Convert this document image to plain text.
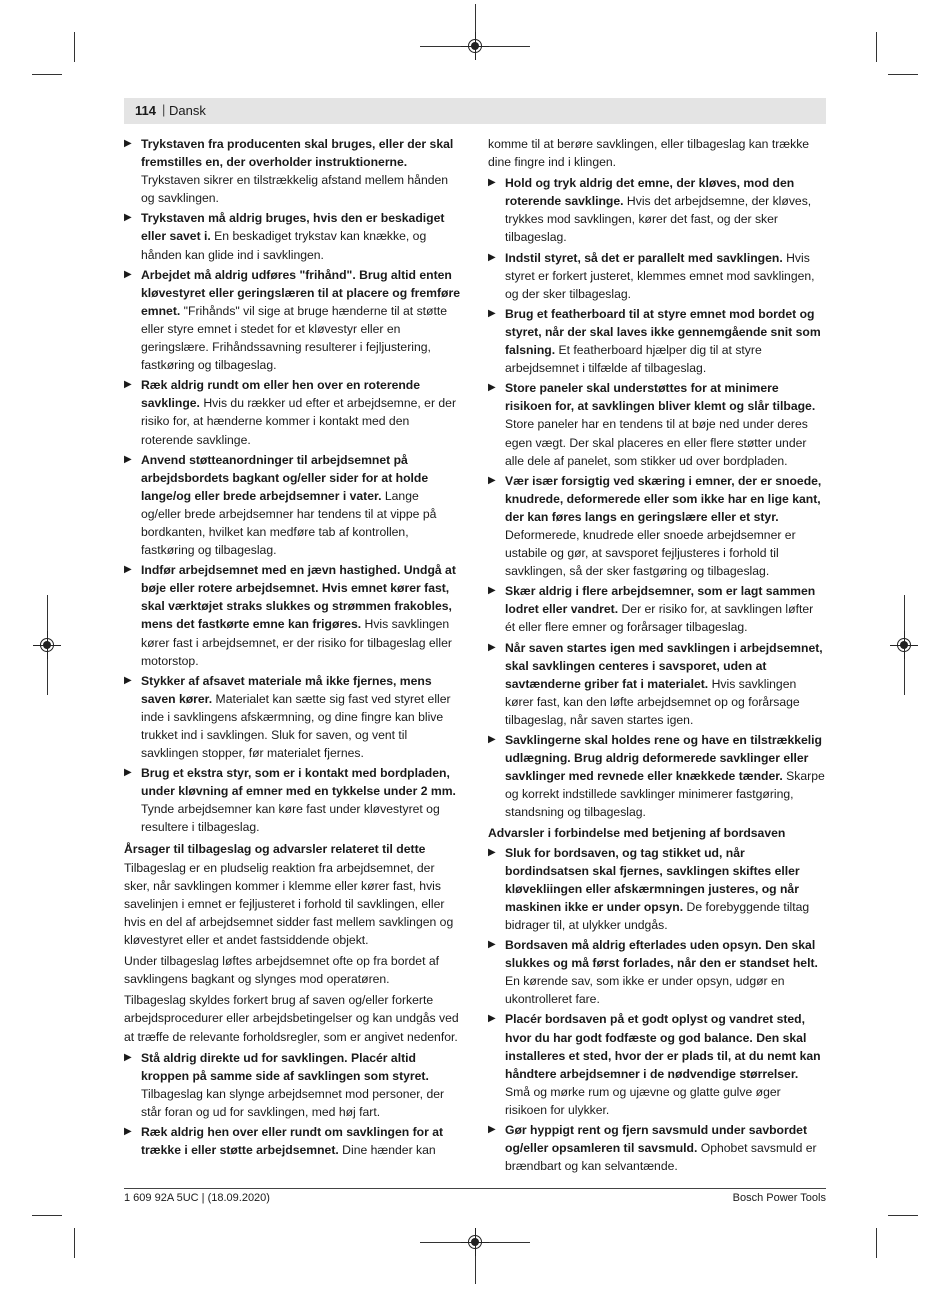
114 | Dansk
▶ Trykstaven fra producenten skal bruges, eller der skal fremstilles en, der overholder instruktionerne. Trykstaven sikrer en tilstrækkelig afstand mellem hånden og savklingen.
▶ Trykstaven må aldrig bruges, hvis den er beskadiget eller savet i. En beskadiget trykstav kan knække, og hånden kan glide ind i savklingen.
▶ Arbejdet må aldrig udføres "frihånd". Brug altid enten kløvestyret eller geringslæren til at placere og fremføre emnet. "Frihånds" vil sige at bruge hænderne til at støtte eller styre emnet i stedet for et kløvestyr eller en geringslære. Frihåndssavning resulterer i fejljustering, fastkøring og tilbageslag.
▶ Ræk aldrig rundt om eller hen over en roterende savklinge. Hvis du rækker ud efter et arbejdsemne, er der risiko for, at hænderne kommer i kontakt med den roterende savklinge.
▶ Anvend støtteanordninger til arbejdsemnet på arbejdsbordets bagkant og/eller sider for at holde lange/og eller brede arbejdsemner i vater. Lange og/eller brede arbejdsemner har tendens til at vippe på bordkanten, hvilket kan medføre tab af kontrollen, fastkøring og tilbageslag.
▶ Indfør arbejdsemnet med en jævn hastighed. Undgå at bøje eller rotere arbejdsemnet. Hvis emnet kører fast, skal værktøjet straks slukkes og strømmen frakobles, mens det fastkørte emne kan frigøres. Hvis savklingen kører fast i arbejdsemnet, er der risiko for tilbageslag eller motorstop.
▶ Stykker af afsavet materiale må ikke fjernes, mens saven kører. Materialet kan sætte sig fast ved styret eller inde i savklingens afskærmning, og dine fingre kan blive trukket ind i savklingen. Sluk for saven, og vent til savklingen stopper, før materialet fjernes.
▶ Brug et ekstra styr, som er i kontakt med bordpladen, under kløvning af emner med en tykkelse under 2 mm. Tynde arbejdsemner kan køre fast under kløvestyret og resultere i tilbageslag.
Årsager til tilbageslag og advarsler relateret til dette
Tilbageslag er en pludselig reaktion fra arbejdsemnet, der sker, når savklingen kommer i klemme eller kører fast, hvis savelinjen i emnet er fejljusteret i forhold til savklingen, eller hvis en del af arbejdsemnet sidder fast mellem savklingen og kløvestyret eller et andet fastsiddende objekt.
Under tilbageslag løftes arbejdsemnet ofte op fra bordet af savklingens bagkant og slynges mod operatøren.
Tilbageslag skyldes forkert brug af saven og/eller forkerte arbejdsprocedurer eller arbejdsbetingelser og kan undgås ved at træffe de relevante forholdsregler, som er angivet nedenfor.
▶ Stå aldrig direkte ud for savklingen. Placér altid kroppen på samme side af savklingen som styret. Tilbageslag kan slynge arbejdsemnet mod personer, der står foran og ud for savklingen, med høj fart.
▶ Ræk aldrig hen over eller rundt om savklingen for at trække i eller støtte arbejdsemnet. Dine hænder kan
komme til at berøre savklingen, eller tilbageslag kan trække dine fingre ind i klingen.
▶ Hold og tryk aldrig det emne, der kløves, mod den roterende savklinge. Hvis det arbejdsemne, der kløves, trykkes mod savklingen, kører det fast, og der sker tilbageslag.
▶ Indstil styret, så det er parallelt med savklingen. Hvis styret er forkert justeret, klemmes emnet mod savklingen, og der sker tilbageslag.
▶ Brug et featherboard til at styre emnet mod bordet og styret, når der skal laves ikke gennemgående snit som falsning. Et featherboard hjælper dig til at styre arbejdsemnet i tilfælde af tilbageslag.
▶ Store paneler skal understøttes for at minimere risikoen for, at savklingen bliver klemt og slår tilbage. Store paneler har en tendens til at bøje ned under deres egen vægt. Der skal placeres en eller flere støtter under alle dele af panelet, som stikker ud over bordpladen.
▶ Vær især forsigtig ved skæring i emner, der er snoede, knudrede, deformerede eller som ikke har en lige kant, der kan føres langs en geringslære eller et styr. Deformerede, knudrede eller snoede arbejdsemner er ustabile og gør, at savsporet fejljusteres i forhold til savklingen, så der sker fastgøring og tilbageslag.
▶ Skær aldrig i flere arbejdsemner, som er lagt sammen lodret eller vandret. Der er risiko for, at savklingen løfter ét eller flere emner og forårsager tilbageslag.
▶ Når saven startes igen med savklingen i arbejdsemnet, skal savklingen centeres i savsporet, uden at savtænderne griber fat i materialet. Hvis savklingen kører fast, kan den løfte arbejdsemnet op og forårsage tilbageslag, når saven startes igen.
▶ Savklingerne skal holdes rene og have en tilstrækkelig udlægning. Brug aldrig deformerede savklinger eller savklinger med revnede eller knækkede tænder. Skarpe og korrekt indstillede savklinger minimerer fastgøring, standsning og tilbageslag.
Advarsler i forbindelse med betjening af bordsaven
▶ Sluk for bordsaven, og tag stikket ud, når bordindsatsen skal fjernes, savklingen skiftes eller kløvekliingen eller afskærmningen justeres, og når maskinen ikke er under opsyn. De forebyggende tiltag bidrager til, at ulykker undgås.
▶ Bordsaven må aldrig efterlades uden opsyn. Den skal slukkes og må først forlades, når den er standset helt. En kørende sav, som ikke er under opsyn, udgør en ukontrolleret fare.
▶ Placér bordsaven på et godt oplyst og vandret sted, hvor du har godt fodfæste og god balance. Den skal installeres et sted, hvor der er plads til, at du nemt kan håndtere arbejdsemner i de nødvendige størrelser. Små og mørke rum og ujævne og glatte gulve øger risikoen for ulykker.
▶ Gør hyppigt rent og fjern savsmuld under savbordet og/eller opsamleren til savsmuld. Ophobet savsmuld er brændbart og kan selvantænde.
1 609 92A 5UC | (18.09.2020)	Bosch Power Tools
